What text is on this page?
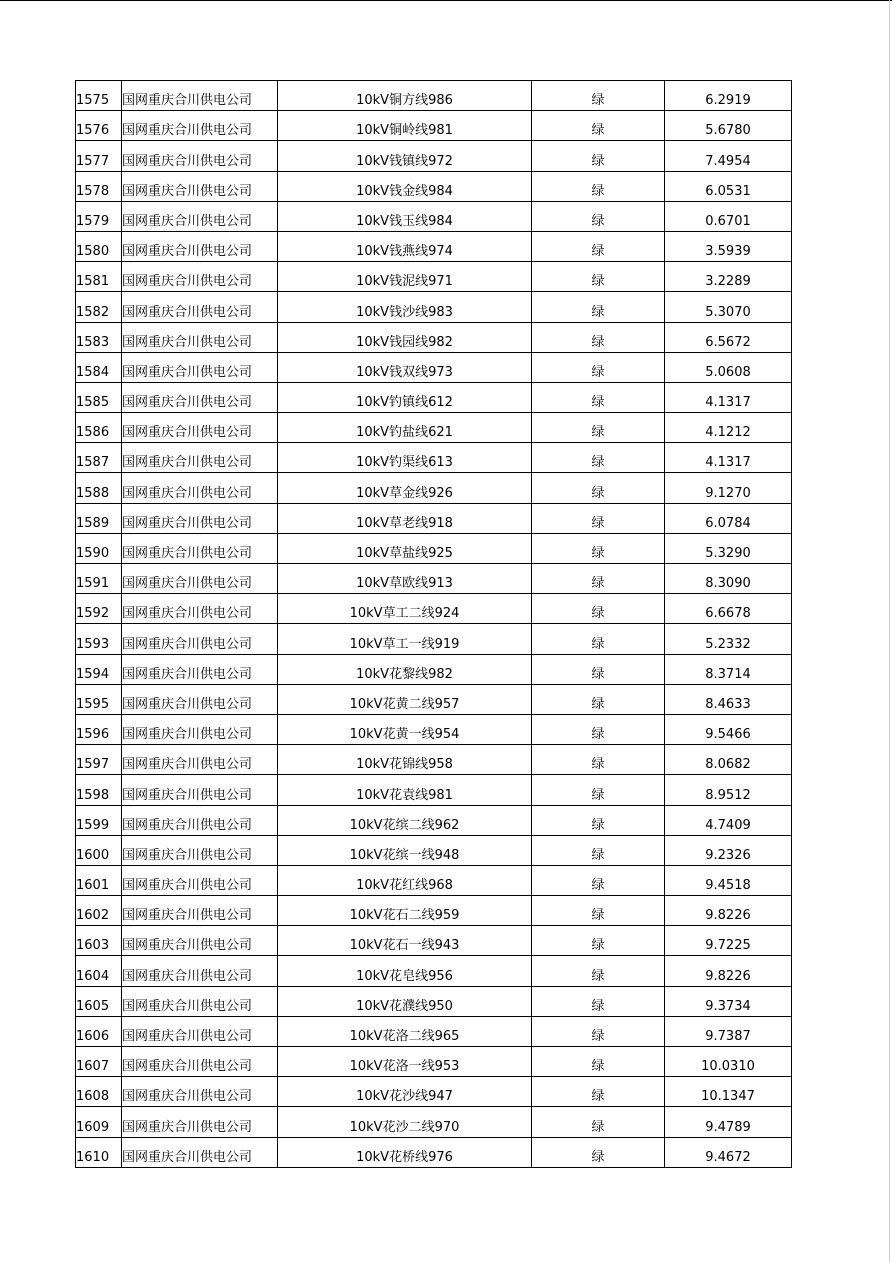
1575	国网重庆合川供电公司	10kV铜方线986	绿	6.2919
1576	国网重庆合川供电公司	10kV铜岭线981	绿	5.6780
1577	国网重庆合川供电公司	10kV钱镇线972	绿	7.4954
1578	国网重庆合川供电公司	10kV钱金线984	绿	6.0531
1579	国网重庆合川供电公司	10kV钱玉线984	绿	0.6701
1580	国网重庆合川供电公司	10kV钱燕线974	绿	3.5939
1581	国网重庆合川供电公司	10kV钱泥线971	绿	3.2289
1582	国网重庆合川供电公司	10kV钱沙线983	绿	5.3070
1583	国网重庆合川供电公司	10kV钱园线982	绿	6.5672
1584	国网重庆合川供电公司	10kV钱双线973	绿	5.0608
1585	国网重庆合川供电公司	10kV钓镇线612	绿	4.1317
1586	国网重庆合川供电公司	10kV钓盐线621	绿	4.1212
1587	国网重庆合川供电公司	10kV钓渠线613	绿	4.1317
1588	国网重庆合川供电公司	10kV草金线926	绿	9.1270
1589	国网重庆合川供电公司	10kV草老线918	绿	6.0784
1590	国网重庆合川供电公司	10kV草盐线925	绿	5.3290
1591	国网重庆合川供电公司	10kV草欧线913	绿	8.3090
1592	国网重庆合川供电公司	10kV草工二线924	绿	6.6678
1593	国网重庆合川供电公司	10kV草工一线919	绿	5.2332
1594	国网重庆合川供电公司	10kV花黎线982	绿	8.3714
1595	国网重庆合川供电公司	10kV花黄二线957	绿	8.4633
1596	国网重庆合川供电公司	10kV花黄一线954	绿	9.5466
1597	国网重庆合川供电公司	10kV花锦线958	绿	8.0682
1598	国网重庆合川供电公司	10kV花袁线981	绿	8.9512
1599	国网重庆合川供电公司	10kV花缤二线962	绿	4.7409
1600	国网重庆合川供电公司	10kV花缤一线948	绿	9.2326
1601	国网重庆合川供电公司	10kV花红线968	绿	9.4518
1602	国网重庆合川供电公司	10kV花石二线959	绿	9.8226
1603	国网重庆合川供电公司	10kV花石一线943	绿	9.7225
1604	国网重庆合川供电公司	10kV花皂线956	绿	9.8226
1605	国网重庆合川供电公司	10kV花濮线950	绿	9.3734
1606	国网重庆合川供电公司	10kV花洛二线965	绿	9.7387
1607	国网重庆合川供电公司	10kV花洛一线953	绿	10.0310
1608	国网重庆合川供电公司	10kV花沙线947	绿	10.1347
1609	国网重庆合川供电公司	10kV花沙二线970	绿	9.4789
1610	国网重庆合川供电公司	10kV花桥线976	绿	9.4672
